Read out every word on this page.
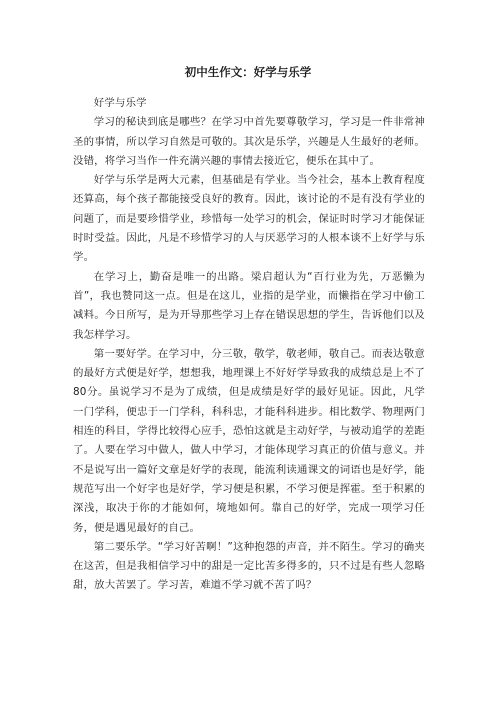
初中生作文：好学与乐学

好学与乐学

学习的秘诀到底是哪些？在学习中首先要尊敬学习，学习是一件非常神圣的事情，所以学习自然是可敬的。其次是乐学，兴趣是人生最好的老师。没错，将学习当作一件充满兴趣的事情去接近它，便乐在其中了。

好学与乐学是两大元素，但基础是有学业。当今社会，基本上教育程度还算高，每个孩子都能接受良好的教育。因此，该讨论的不是有没有学业的问题了，而是要珍惜学业，珍惜每一处学习的机会，保证时时学习才能保证时时受益。因此，凡是不珍惜学习的人与厌恶学习的人根本谈不上好学与乐学。

在学习上，勤奋是唯一的出路。梁启超认为“百行业为先，万恶懒为首”，我也赞同这一点。但是在这儿，业指的是学业，而懒指在学习中偷工减料。今日所写，是为开导那些学习上存在错误思想的学生，告诉他们以及我怎样学习。

第一要好学。在学习中，分三敬，敬学，敬老师，敬自己。而表达敬意的最好方式便是好学，想想我，地理课上不好好学导致我的成绩总是上不了80分。虽说学习不是为了成绩，但是成绩是好学的最好见证。因此，凡学一门学科，便忠于一门学科，科科忠，才能科科进步。相比数学、物理两门相连的科目，学得比较得心应手，恐怕这就是主动好学，与被动追学的差距了。人要在学习中做人，做人中学习，才能体现学习真正的价值与意义。并不是说写出一篇好文章是好学的表现，能流利读通课文的词语也是好学，能规范写出一个好字也是好学，学习便是积累，不学习便是挥霍。至于积累的深浅，取决于你的才能如何，境地如何。靠自己的好学，完成一项学习任务，便是遇见最好的自己。

第二要乐学。“学习好苦啊！”这种抱怨的声音，并不陌生。学习的确夹在这苦，但是我相信学习中的甜是一定比苦多得多的，只不过是有些人忽略甜，放大苦罢了。学习苦，难道不学习就不苦了吗？
